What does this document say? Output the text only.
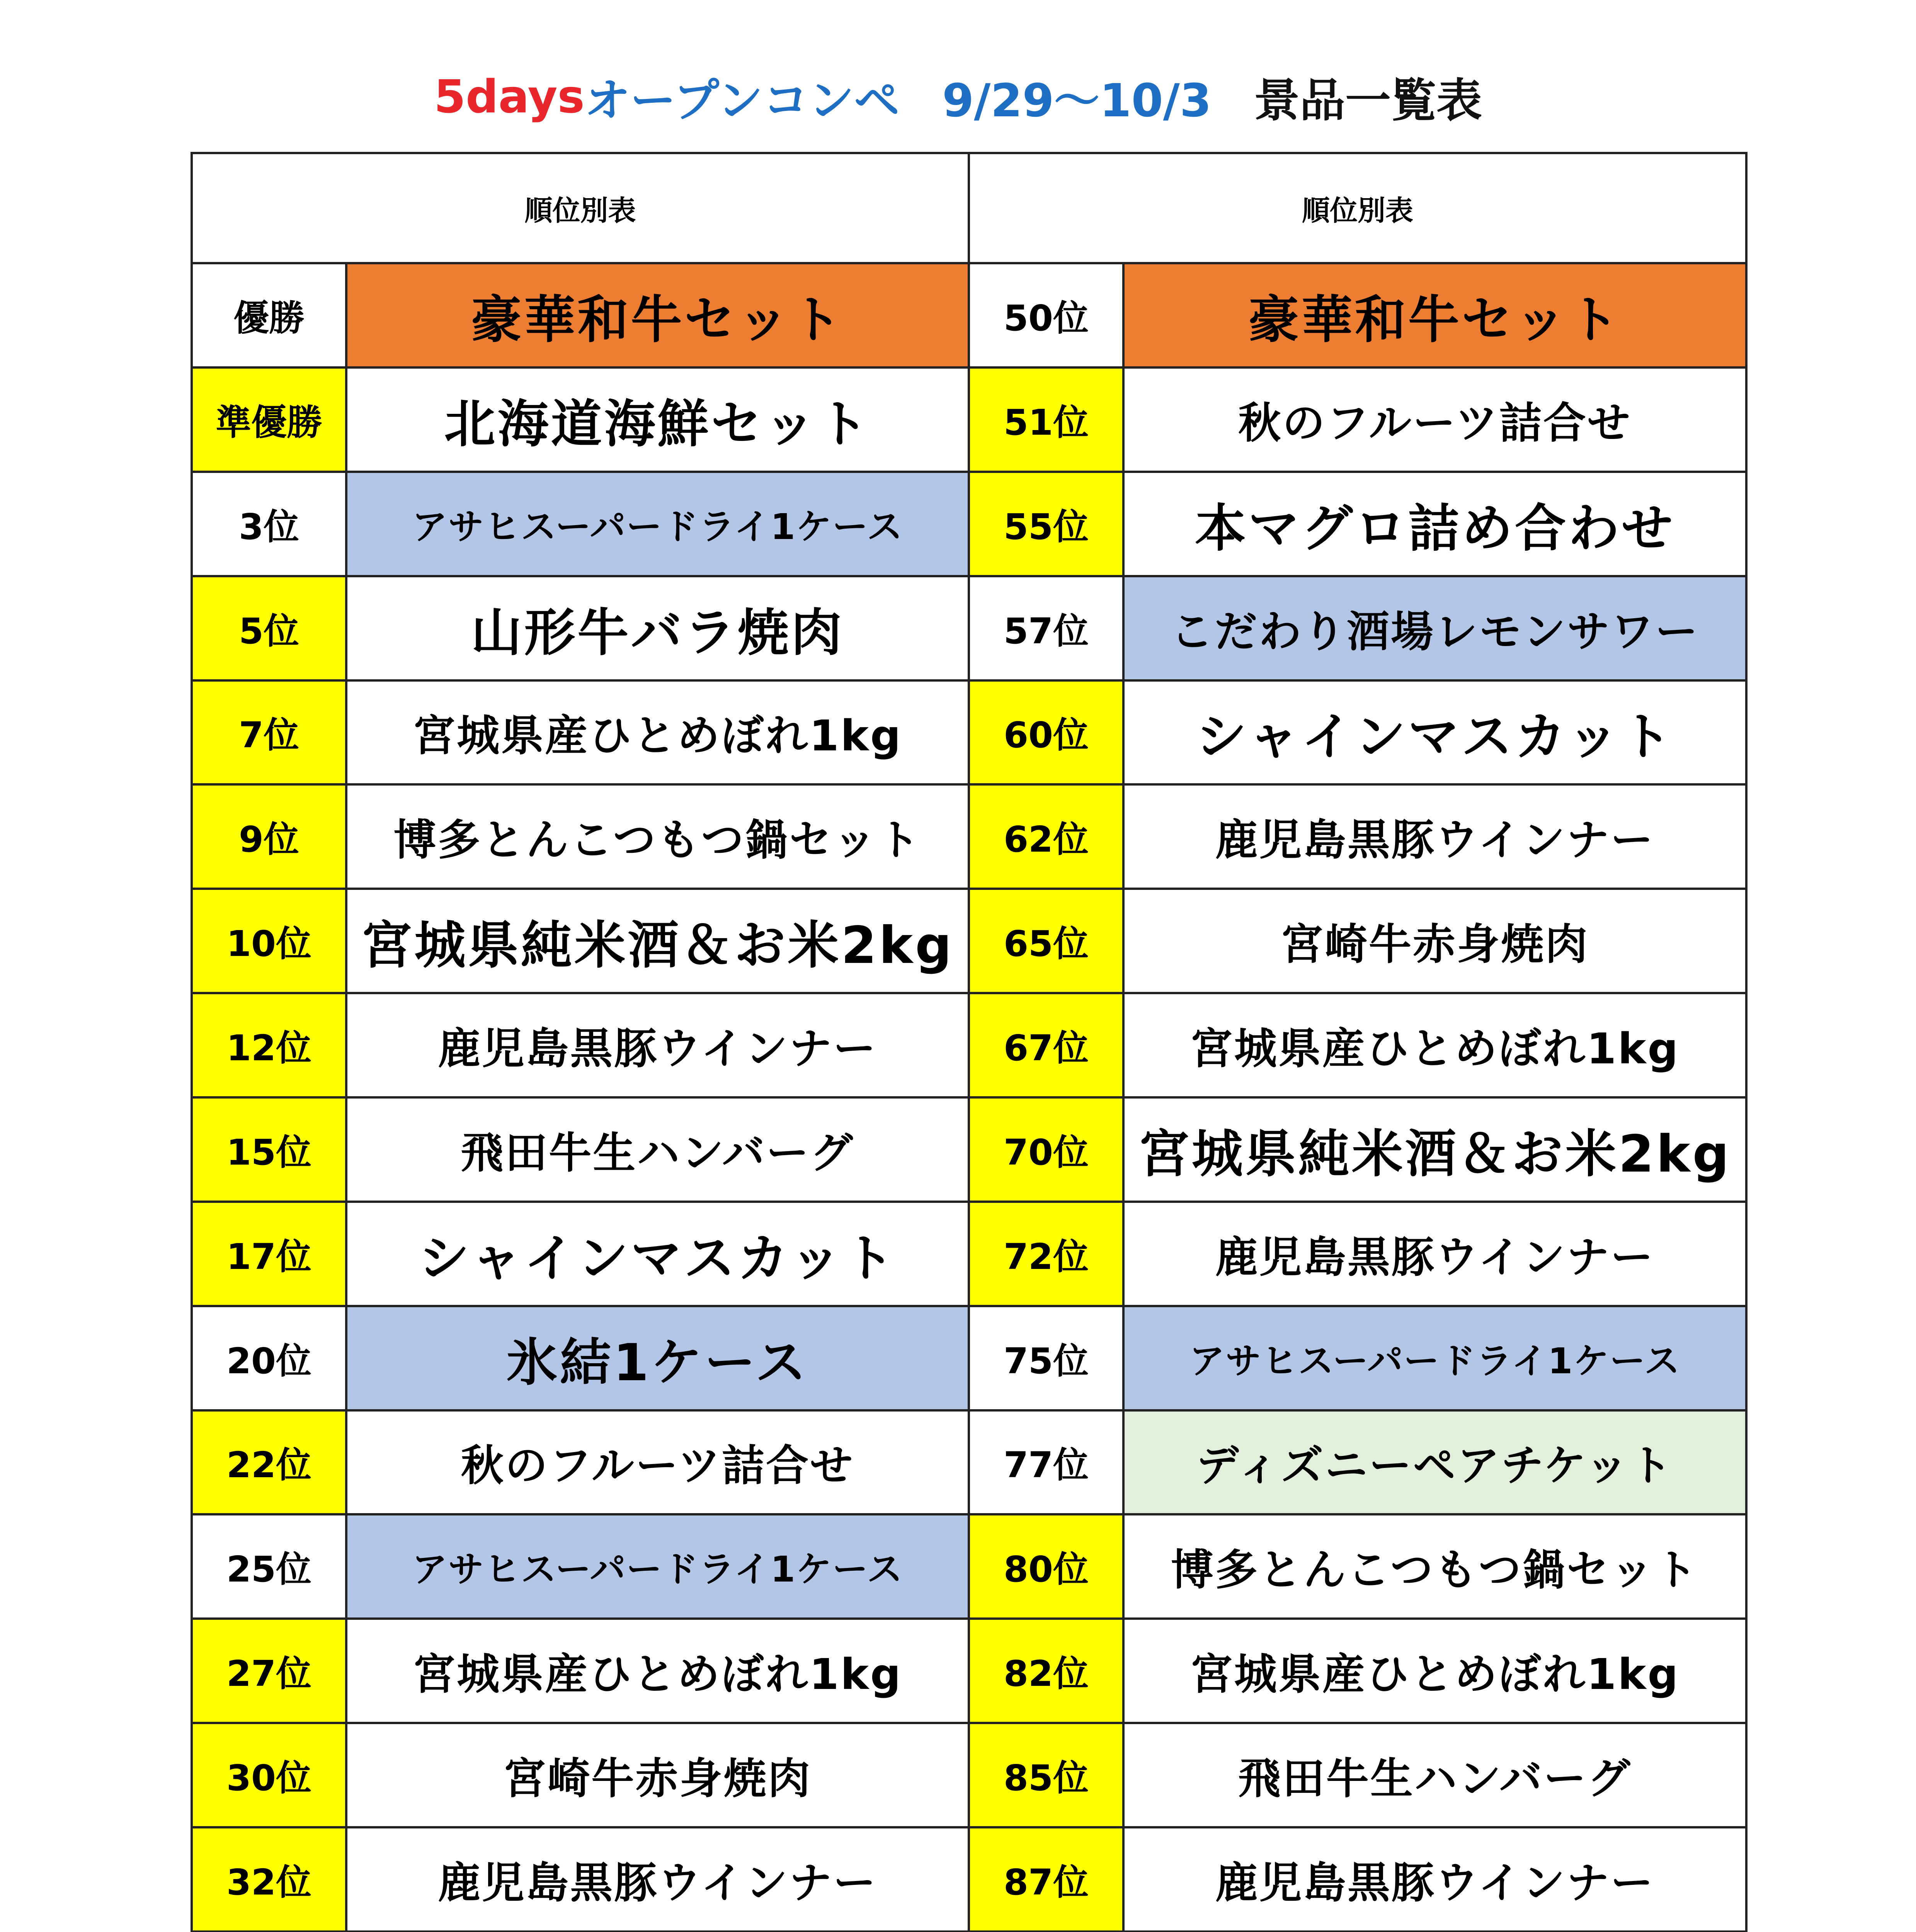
5days オープンコンペ 9/29～10/3 景品一覧表
順位別表		順位別表	
優勝	豪華和牛セット	50位	豪華和牛セット
準優勝	北海道海鮮セット	51位	秋のフルーツ詰合せ
3位	アサヒスーパードライ1ケース	55位	本マグロ詰め合わせ
5位	山形牛バラ焼肉	57位	こだわり酒場レモンサワー
7位	宮城県産ひとめぼれ1kg	60位	シャインマスカット
9位	博多とんこつもつ鍋セット	62位	鹿児島黒豚ウインナー
10位	宮城県純米酒＆お米2kg	65位	宮崎牛赤身焼肉
12位	鹿児島黒豚ウインナー	67位	宮城県産ひとめぼれ1kg
15位	飛田牛生ハンバーグ	70位	宮城県純米酒＆お米2kg
17位	シャインマスカット	72位	鹿児島黒豚ウインナー
20位	氷結1ケース	75位	アサヒスーパードライ1ケース
22位	秋のフルーツ詰合せ	77位	ディズニーペアチケット
25位	アサヒスーパードライ1ケース	80位	博多とんこつもつ鍋セット
27位	宮城県産ひとめぼれ1kg	82位	宮城県産ひとめぼれ1kg
30位	宮崎牛赤身焼肉	85位	飛田牛生ハンバーグ
32位	鹿児島黒豚ウインナー	87位	鹿児島黒豚ウインナー
